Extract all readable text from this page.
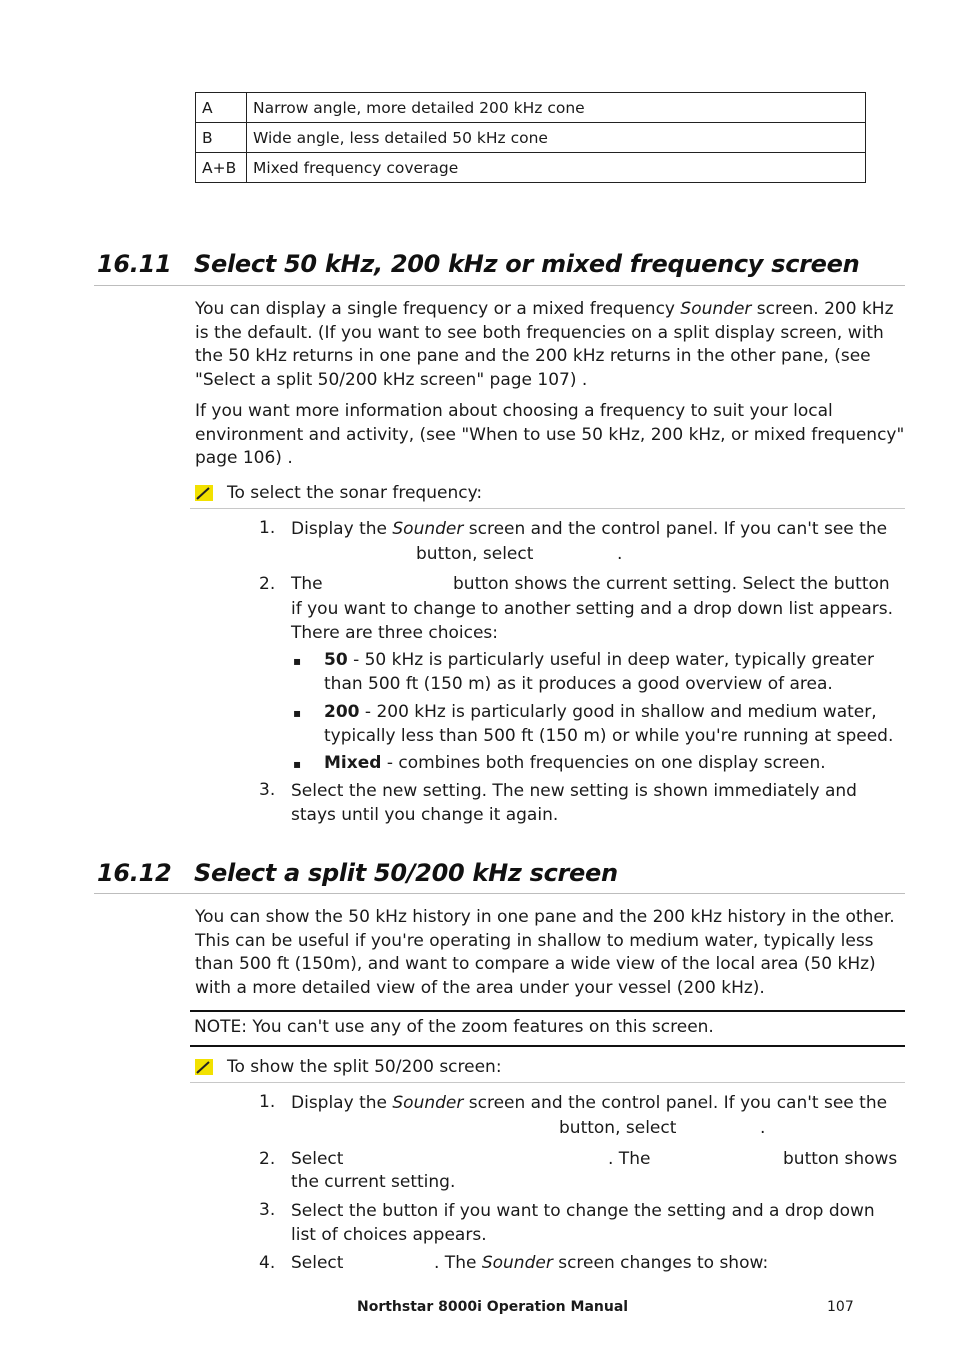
A	Narrow angle, more detailed 200 kHz cone
B	Wide angle, less detailed 50 kHz cone
A+B	Mixed frequency coverage
16.11 Select 50 kHz, 200 kHz or mixed frequency screen
You can display a single frequency or a mixed frequency Sounder screen. 200 kHz is the default. (If you want to see both frequencies on a split display screen, with the 50 kHz returns in one pane and the 200 kHz returns in the other pane, (see "Select a split 50/200 kHz screen" page 107) .
If you want more information about choosing a frequency to suit your local environment and activity, (see "When to use 50 kHz, 200 kHz, or mixed frequency" page 106) .
To select the sonar frequency:
1. Display the Sounder screen and the control panel. If you can't see the
button, select	.
2. The	button shows the current setting. Select the button
if you want to change to another setting and a drop down list appears. There are three choices:
▪ 50 - 50 kHz is particularly useful in deep water, typically greater than 500 ft (150 m) as it produces a good overview of area.
▪ 200 - 200 kHz is particularly good in shallow and medium water, typically less than 500 ft (150 m) or while you're running at speed.
▪ Mixed - combines both frequencies on one display screen.
3. Select the new setting. The new setting is shown immediately and stays until you change it again.
16.12 Select a split 50/200 kHz screen
You can show the 50 kHz history in one pane and the 200 kHz history in the other. This can be useful if you're operating in shallow to medium water, typically less than 500 ft (150m), and want to compare a wide view of the local area (50 kHz) with a more detailed view of the area under your vessel (200 kHz).
NOTE: You can't use any of the zoom features on this screen.
To show the split 50/200 screen:
1. Display the Sounder screen and the control panel. If you can't see the
button, select	.
2. Select	. The	button shows
the current setting.
3. Select the button if you want to change the setting and a drop down list of choices appears.
4. Select	. The Sounder screen changes to show:
Northstar 8000i Operation Manual	107
